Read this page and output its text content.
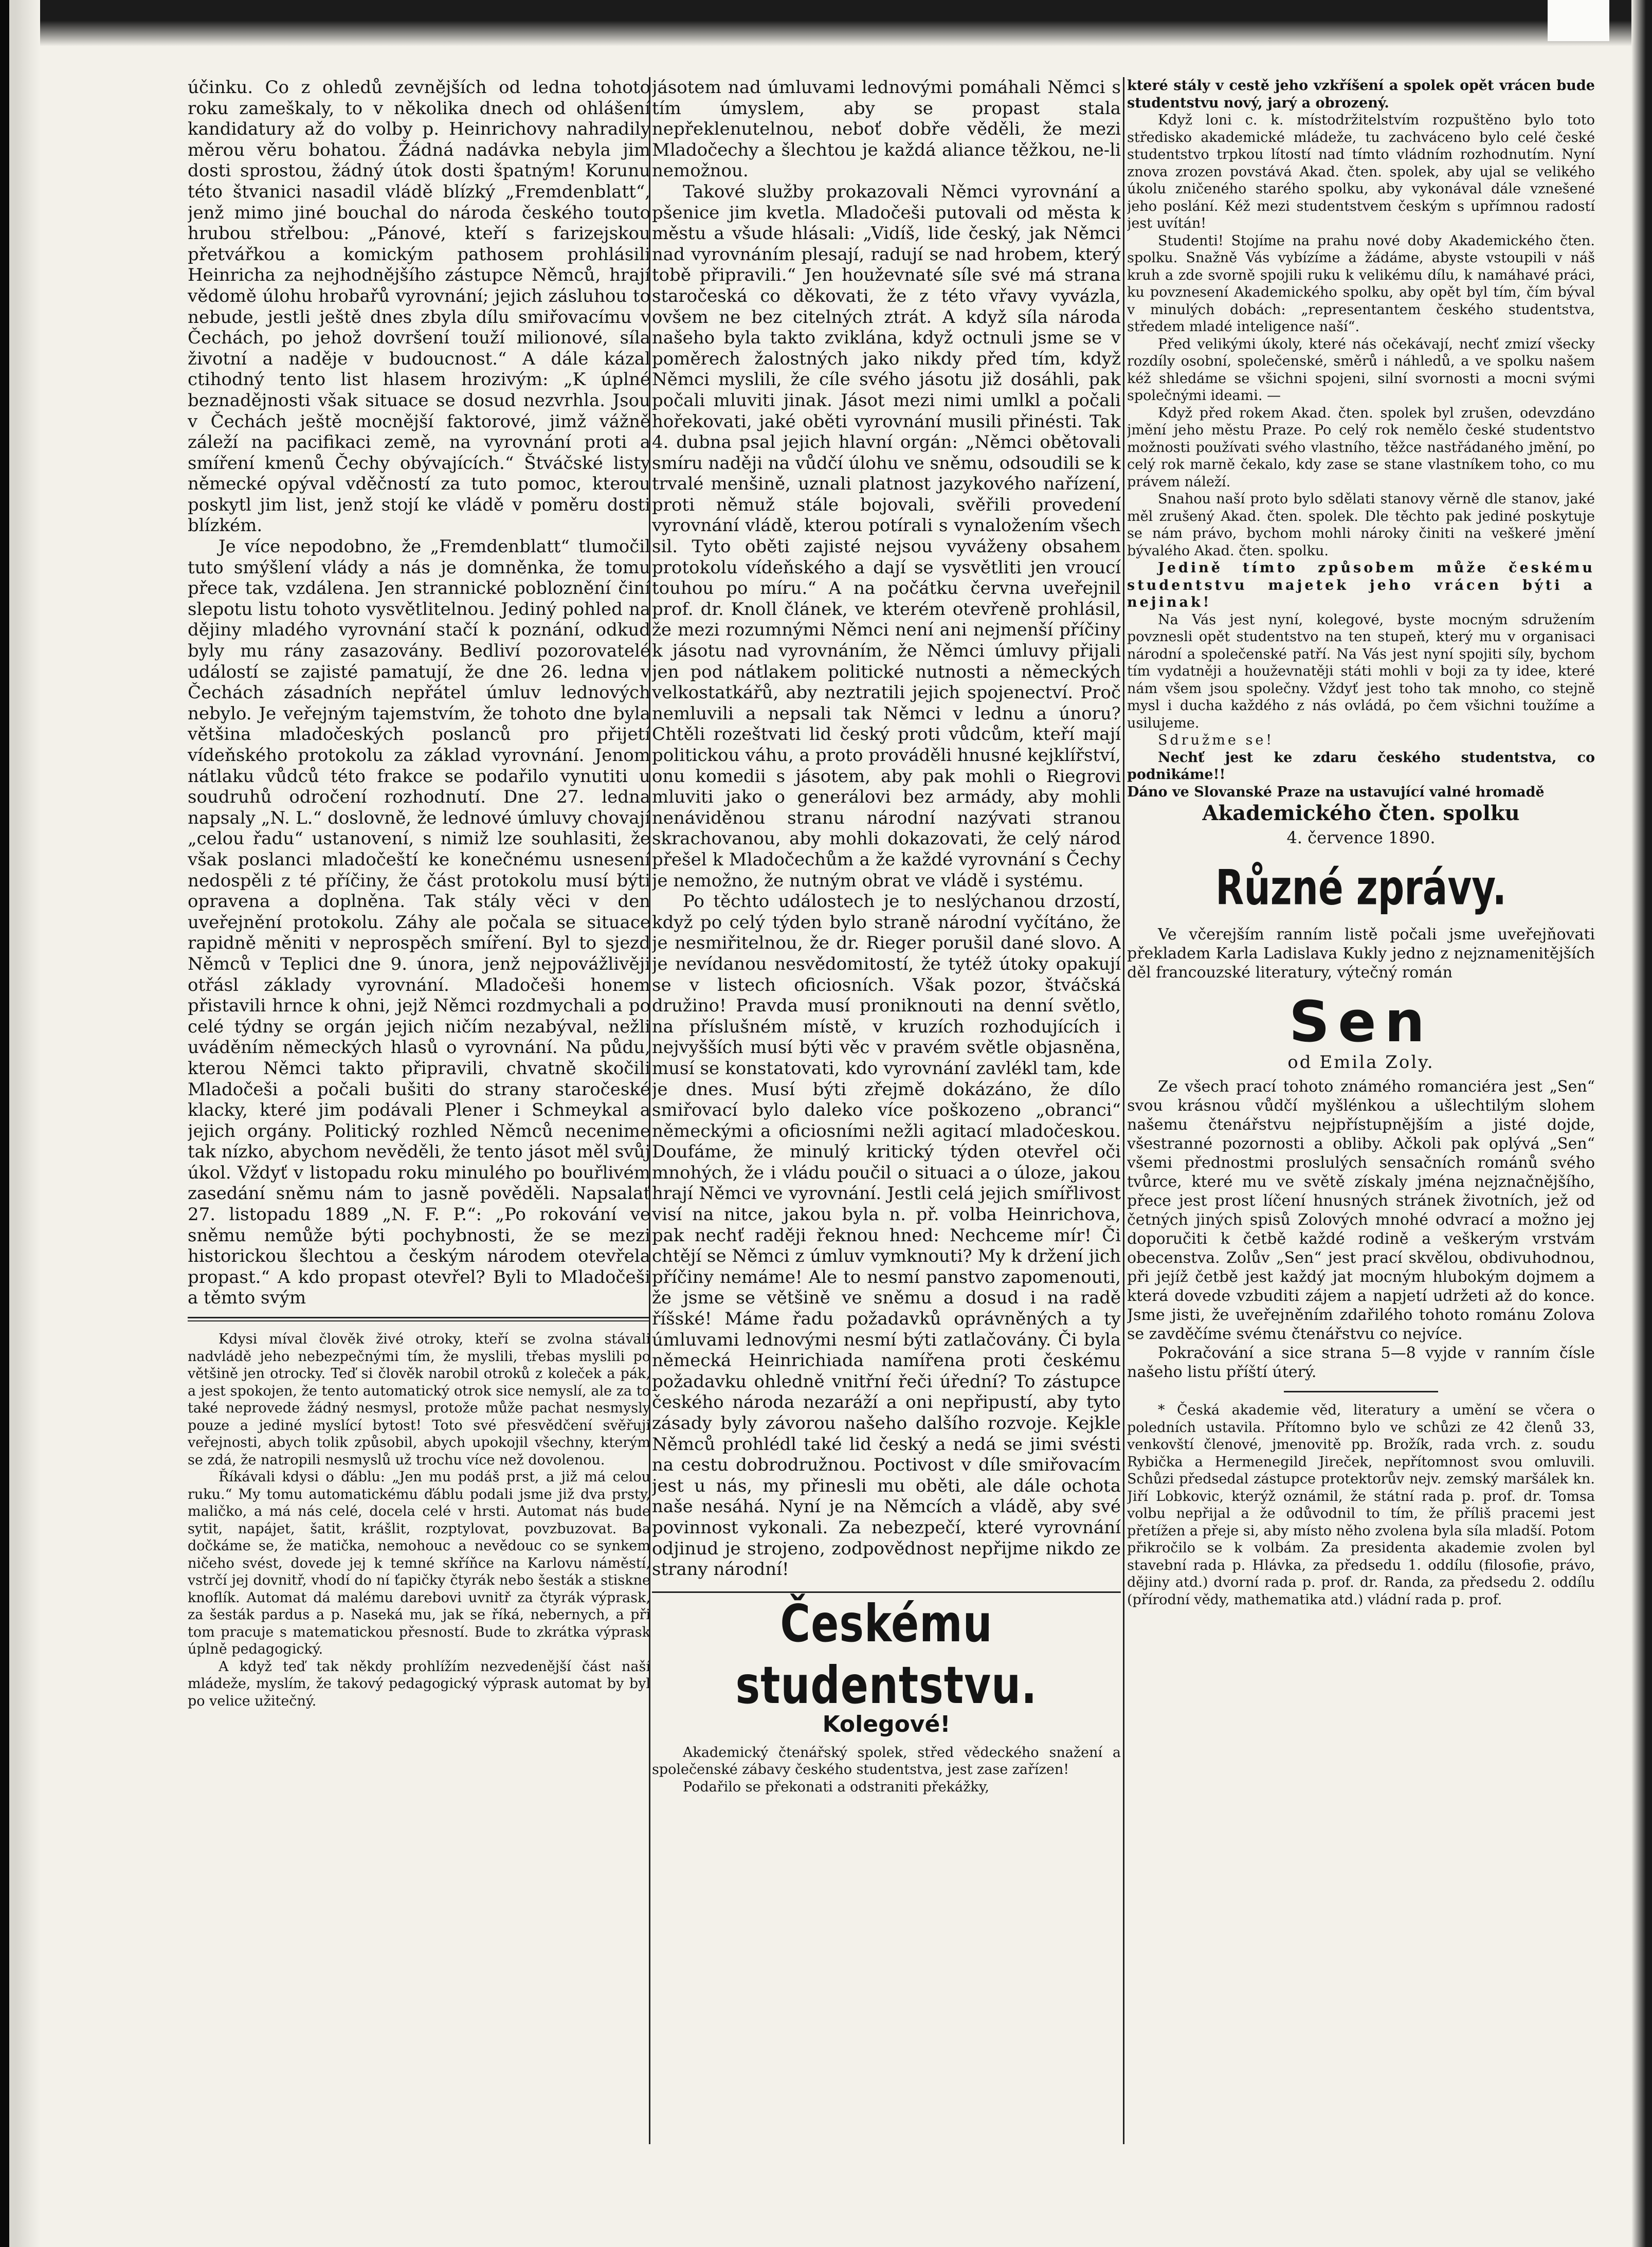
účinku. Co z ohledů zevnějších od ledna tohoto roku zameškaly, to v několika dnech od ohlášení kandidatury až do volby p. Heinrichovy nahradily měrou věru bohatou. Žádná nadávka nebyla jim dosti sprostou, žádný útok dosti špatným! Korunu této štvanici nasadil vládě blízký „Fremdenblatt“, jenž mimo jiné bouchal do národa českého touto hrubou střelbou: „Pánové, kteří s farizejskou přetvářkou a komickým pathosem prohlásili Heinricha za nejhodnějšího zástupce Němců, hrají vědomě úlohu hrobařů vyrovnání; jejich zásluhou to nebude, jestli ještě dnes zbyla dílu smiřovacímu v Čechách, po jehož dovršení touží milionové, síla životní a naděje v budoucnost.“ A dále kázal ctihodný tento list hlasem hrozivým: „K úplné beznadějnosti však situace se dosud nezvrhla. Jsou v Čechách ještě mocnější faktorové, jimž vážně záleží na pacifikaci země, na vyrovnání proti a smíření kmenů Čechy obývajících.“ Štváčské listy německé opýval vděčností za tuto pomoc, kterou poskytl jim list, jenž stojí ke vládě v poměru dosti blízkém.

Je více nepodobno, že „Fremdenblatt“ tlumočil tuto smýšlení vlády a nás je domněnka, že tomu přece tak, vzdálena. Jen strannické pobloznění činí slepotu listu tohoto vysvětlitelnou. Jediný pohled na dějiny mladého vyrovnání stačí k poznání, odkud byly mu rány zasazovány. Bedliví pozorovatelé událostí se zajisté pamatují, že dne 26. ledna v Čechách zásadních nepřátel úmluv lednových nebylo. Je veřejným tajemstvím, že tohoto dne byla většina mladočeských poslanců pro přijetí vídeňského protokolu za základ vyrovnání. Jenom nátlaku vůdců této frakce se podařilo vynutiti u soudruhů odročení rozhodnutí. Dne 27. ledna napsaly „N. L.“ doslovně, že lednové úmluvy chovají „celou řadu“ ustanovení, s nimiž lze souhlasiti, že však poslanci mladočeští ke konečnému usnesení nedospěli z té příčiny, že část protokolu musí býti opravena a doplněna. Tak stály věci v den uveřejnění protokolu. Záhy ale počala se situace rapidně měniti v neprospěch smíření. Byl to sjezd Němců v Teplici dne 9. února, jenž nejpovážlivěji otřásl základy vyrovnání. Mladočeši honem přistavili hrnce k ohni, jejž Němci rozdmychali a po celé týdny se orgán jejich ničím nezabýval, nežli uváděním německých hlasů o vyrovnání. Na půdu, kterou Němci takto připravili, chvatně skočili Mladočeši a počali bušiti do strany staročeské klacky, které jim podávali Plener i Schmeykal a jejich orgány. Politický rozhled Němců necenime tak nízko, abychom nevěděli, že tento jásot měl svůj úkol. Vždyť v listopadu roku minulého po bouřlivém zasedání sněmu nám to jasně pověděli. Napsalať 27. listopadu 1889 „N. F. P.“: „Po rokování ve sněmu nemůže býti pochybnosti, že se mezi historickou šlechtou a českým národem otevřela propast.“ A kdo propast otevřel? Byli to Mladočeši a těmto svým

Kdysi míval člověk živé otroky, kteří se zvolna stávali nadvládě jeho nebezpečnými tím, že myslili, třebas myslili po většině jen otrocky. Teď si člověk narobil otroků z koleček a pák, a jest spokojen, že tento automatický otrok sice nemyslí, ale za to také neprovede žádný nesmysl, protože může pachat nesmysly pouze a jediné myslící bytost! Toto své přesvědčení svěřuji veřejnosti, abych tolik způsobil, abych upokojil všechny, kterým se zdá, že natropili nesmyslů už trochu více než dovolenou.

Říkávali kdysi o ďáblu: „Jen mu podáš prst, a již má celou ruku.“ My tomu automatickému ďáblu podali jsme již dva prsty, maličko, a má nás celé, docela celé v hrsti. Automat nás bude sytit, napájet, šatit, krášlit, rozptylovat, povzbuzovat. Ba dočkáme se, že matička, nemohouc a nevědouc co se synkem ničeho svést, dovede jej k temné skříňce na Karlovu náměstí, vstrčí jej dovnitř, vhodí do ní ťapičky čtyrák nebo šesták a stiskne knoflík. Automat dá malému darebovi uvnitř za čtyrák výprask, za šesták pardus a p. Naseká mu, jak se říká, nebernych, a při tom pracuje s matematickou přesností. Bude to zkrátka výprask úplně pedagogický.

A když teď tak někdy prohlížím nezvedenější část naší mládeže, myslím, že takový pedagogický výprask automat by byl po velice užitečný.

jásotem nad úmluvami lednovými pomáhali Němci s tím úmyslem, aby se propast stala nepřeklenutelnou, neboť dobře věděli, že mezi Mladočechy a šlechtou je každá aliance těžkou, ne-li nemožnou.

Takové služby prokazovali Němci vyrovnání a pšenice jim kvetla. Mladočeši putovali od města k městu a všude hlásali: „Vidíš, lide český, jak Němci nad vyrovnáním plesají, radují se nad hrobem, který tobě připravili.“ Jen houževnaté síle své má strana staročeská co děkovati, že z této vřavy vyvázla, ovšem ne bez citelných ztrát. A když síla národa našeho byla takto zviklána, když octnuli jsme se v poměrech žalostných jako nikdy před tím, když Němci myslili, že cíle svého jásotu již dosáhli, pak počali mluviti jinak. Jásot mezi nimi umlkl a počali hořekovati, jaké oběti vyrovnání musili přinésti. Tak 4. dubna psal jejich hlavní orgán: „Němci obětovali smíru naději na vůdčí úlohu ve sněmu, odsoudili se k trvalé menšině, uznali platnost jazykového nařízení, proti němuž stále bojovali, svěřili provedení vyrovnání vládě, kterou potírali s vynaložením všech sil. Tyto oběti zajisté nejsou vyváženy obsahem protokolu vídeňského a dají se vysvětliti jen vroucí touhou po míru.“ A na počátku června uveřejnil prof. dr. Knoll článek, ve kterém otevřeně prohlásil, že mezi rozumnými Němci není ani nejmenší příčiny k jásotu nad vyrovnáním, že Němci úmluvy přijali jen pod nátlakem politické nutnosti a německých velkostatkářů, aby neztratili jejich spojenectví. Proč nemluvili a nepsali tak Němci v lednu a únoru? Chtěli rozeštvati lid český proti vůdcům, kteří mají politickou váhu, a proto prováděli hnusné kejklířství, onu komedii s jásotem, aby pak mohli o Riegrovi mluviti jako o generálovi bez armády, aby mohli nenáviděnou stranu národní nazývati stranou skrachovanou, aby mohli dokazovati, že celý národ přešel k Mladočechům a že každé vyrovnání s Čechy je nemožno, že nutným obrat ve vládě i systému.

Po těchto událostech je to neslýchanou drzostí, když po celý týden bylo straně národní vyčítáno, že je nesmiřitelnou, že dr. Rieger porušil dané slovo. A je nevídanou nesvědomitostí, že tytéž útoky opakují se v listech oficiosních. Však pozor, štváčská družino! Pravda musí proniknouti na denní světlo, na příslušném místě, v kruzích rozhodujících i nejvyšších musí býti věc v pravém světle objasněna, musí se konstatovati, kdo vyrovnání zavlékl tam, kde je dnes. Musí býti zřejmě dokázáno, že dílo smiřovací bylo daleko více poškozeno „obranci“ německými a oficiosními nežli agitací mladočeskou. Doufáme, že minulý kritický týden otevřel oči mnohých, že i vládu poučil o situaci a o úloze, jakou hrají Němci ve vyrovnání. Jestli celá jejich smířlivost visí na nitce, jakou byla n. př. volba Heinrichova, pak nechť raději řeknou hned: Nechceme mír! Či chtějí se Němci z úmluv vymknouti? My k držení jich příčiny nemáme! Ale to nesmí panstvo zapomenouti, že jsme se většině ve sněmu a dosud i na radě říšské! Máme řadu požadavků oprávněných a ty úmluvami lednovými nesmí býti zatlačovány. Či byla německá Heinrichiada namířena proti českému požadavku ohledně vnitřní řeči úřední? To zástupce českého národa nezaráží a oni nepřipustí, aby tyto zásady byly závorou našeho dalšího rozvoje. Kejkle Němců prohlédl také lid český a nedá se jimi svésti na cestu dobrodružnou. Poctivost v díle smiřovacím jest u nás, my přinesli mu oběti, ale dále ochota naše nesáhá. Nyní je na Němcích a vládě, aby své povinnost vykonali. Za nebezpečí, které vyrovnání odjinud je strojeno, zodpovědnost nepřijme nikdo ze strany národní!

Českému studentstvu.
Kolegové!

Akademický čtenářský spolek, střed vědeckého snažení a společenské zábavy českého studentstva, jest zase zařízen!

Podařilo se překonati a odstraniti překážky,

které stály v cestě jeho vzkříšení a spolek opět vrácen bude studentstvu nový, jarý a obrozený.

Když loni c. k. místodržitelstvím rozpuštěno bylo toto středisko akademické mládeže, tu zachváceno bylo celé české studentstvo trpkou lítostí nad tímto vládním rozhodnutím. Nyní znova zrozen povstává Akad. čten. spolek, aby ujal se velikého úkolu zničeného starého spolku, aby vykonával dále vznešené jeho poslání. Kéž mezi studentstvem českým s upřímnou radostí jest uvítán!

Studenti! Stojíme na prahu nové doby Akademického čten. spolku. Snažně Vás vybízíme a žádáme, abyste vstoupili v náš kruh a zde svorně spojili ruku k velikému dílu, k namáhavé práci, ku povznesení Akademického spolku, aby opět byl tím, čím býval v minulých dobách: „representantem českého studentstva, středem mladé inteligence naší“.

Před velikými úkoly, které nás očekávají, nechť zmizí všecky rozdíly osobní, společenské, směrů i náhledů, a ve spolku našem kéž shledáme se všichni spojeni, silní svornosti a mocni svými společnými ideami. —

Když před rokem Akad. čten. spolek byl zrušen, odevzdáno jmění jeho městu Praze. Po celý rok nemělo české studentstvo možnosti používati svého vlastního, těžce nastřádaného jmění, po celý rok marně čekalo, kdy zase se stane vlastníkem toho, co mu právem náleží.

Snahou naší proto bylo sdělati stanovy věrně dle stanov, jaké měl zrušený Akad. čten. spolek. Dle těchto pak jediné poskytuje se nám právo, bychom mohli nároky činiti na veškeré jmění bývalého Akad. čten. spolku.

Jedině tímto způsobem může českému studentstvu majetek jeho vrácen býti a nejinak!

Na Vás jest nyní, kolegové, byste mocným sdružením povznesli opět studentstvo na ten stupeň, který mu v organisaci národní a společenské patří. Na Vás jest nyní spojiti síly, bychom tím vydatněji a houževnatěji státi mohli v boji za ty idee, které nám všem jsou společny. Vždyť jest toho tak mnoho, co stejně mysl i ducha každého z nás ovládá, po čem všichni toužíme a usilujeme.

Sdružme se!

Nechť jest ke zdaru českého studentstva, co podnikáme!!

Dáno ve Slovanské Praze na ustavující valné hromadě

Akademického čten. spolku
4. července 1890.
Různé zprávy.

Ve včerejším ranním listě počali jsme uveřejňovati překladem Karla Ladislava Kukly jedno z nejznamenitějších děl francouzské literatury, výtečný román

Sen
od Emila Zoly.

Ze všech prací tohoto známého romanciéra jest „Sen“ svou krásnou vůdčí myšlénkou a ušlechtilým slohem našemu čtenářstvu nejpřístupnějším a jisté dojde, všestranné pozornosti a obliby. Ačkoli pak oplývá „Sen“ všemi přednostmi proslulých sensačních románů svého tvůrce, které mu ve světě získaly jména nejznačnějšího, přece jest prost líčení hnusných stránek životních, jež od četných jiných spisů Zolových mnohé odvrací a možno jej doporučiti k četbě každé rodině a veškerým vrstvám obecenstva. Zolův „Sen“ jest prací skvělou, obdivuhodnou, při jejíž četbě jest každý jat mocným hlubokým dojmem a která dovede vzbuditi zájem a napjetí udržeti až do konce. Jsme jisti, že uveřejněním zdařilého tohoto románu Zolova se zavděčíme svému čtenářstvu co nejvíce.

Pokračování a sice strana 5—8 vyjde v ranním čísle našeho listu příští úterý.

* Česká akademie věd, literatury a umění se včera o poledních ustavila. Přítomno bylo ve schůzi ze 42 členů 33, venkovští členové, jmenovitě pp. Brožík, rada vrch. z. soudu Rybička a Hermenegild Jireček, nepřítomnost svou omluvili. Schůzi předsedal zástupce protektorův nejv. zemský maršálek kn. Jiří Lobkovic, kterýž oznámil, že státní rada p. prof. dr. Tomsa volbu nepřijal a že odůvodnil to tím, že příliš pracemi jest přetížen a přeje si, aby místo něho zvolena byla síla mladší. Potom přikročilo se k volbám. Za presidenta akademie zvolen byl stavební rada p. Hlávka, za předsedu 1. oddílu (filosofie, právo, dějiny atd.) dvorní rada p. prof. dr. Randa, za předsedu 2. oddílu (přírodní vědy, mathematika atd.) vládní rada p. prof.
